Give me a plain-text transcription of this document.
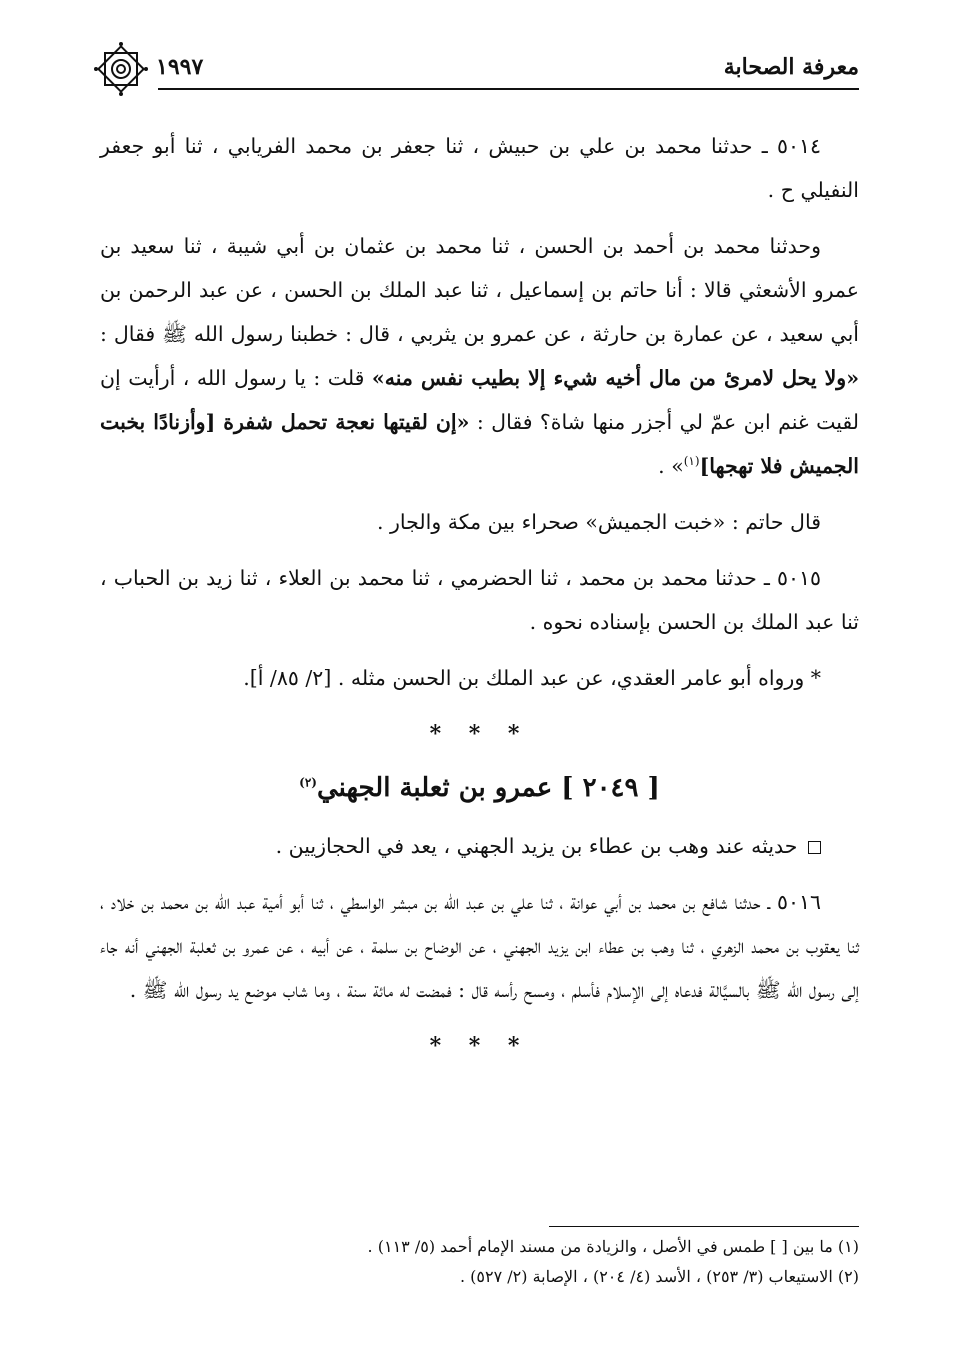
١٩٩٧	معرفة الصحابة

٥٠١٤ ـ حدثنا محمد بن علي بن حبيش ، ثنا جعفر بن محمد الفريابي ، ثنا أبو جعفر النفيلي ح .

وحدثنا محمد بن أحمد بن الحسن ، ثنا محمد بن عثمان بن أبي شيبة ، ثنا سعيد بن عمرو الأشعثي قالا : أنا حاتم بن إسماعيل ، ثنا عبد الملك بن الحسن ، عن عبد الرحمن بن أبي سعيد ، عن عمارة بن حارثة ، عن عمرو بن يثربي ، قال : خطبنا رسول الله ﷺ فقال : «ولا يحل لامرئ من مال أخيه شيء إلا بطيب نفس منه» قلت : يا رسول الله ، أرأيت إن لقيت غنم ابن عمّ لي أجزر منها شاة؟ فقال : «إن لقيتها نعجة تحمل شفرة [وأزنادًا بخبت الجميش فلا تهجها]$^{(١)}$» .

قال حاتم : «خبت الجميش» صحراء بين مكة والجار .

٥٠١٥ ـ حدثنا محمد بن محمد ، ثنا الحضرمي ، ثنا محمد بن العلاء ، ثنا زيد بن الحباب ، ثنا عبد الملك بن الحسن بإسناده نحوه .

* ورواه أبو عامر العقدي، عن عبد الملك بن الحسن مثله . [٢/ ٨٥/ أ].

* * *
[ ٢٠٤٩ ] عمرو بن ثعلبة الجهني$^{(٢)}$

حديثه عند وهب بن عطاء بن يزيد الجهني ، يعد في الحجازيين .

٥٠١٦ ـ حدثنا شافع بن محمد بن أبي عوانة ، ثنا علي بن عبد الله بن مبشر الواسطي ، ثنا أبو أمية عبد الله بن محمد بن خلاد ، ثنا يعقوب بن محمد الزهري ، ثنا وهب بن عطاء ابن يزيد الجهني ، عن الوضاح بن سلمة ، عن أبيه ، عن عمرو بن ثعلبة الجهني أنه جاء إلى رسول الله ﷺ بالسيَّالة فدعاه إلى الإسلام فأسلم ، ومسح رأسه قال : فمضت له مائة سنة ، وما شاب موضع يد رسول الله ﷺ .

* * *

(١) ما بين [ ] طمس في الأصل ، والزيادة من مسند الإمام أحمد (٥/ ١١٣) .

(٢) الاستيعاب (٣/ ٢٥٣) ، الأسد (٤/ ٢٠٤) ، الإصابة (٢/ ٥٢٧) .
